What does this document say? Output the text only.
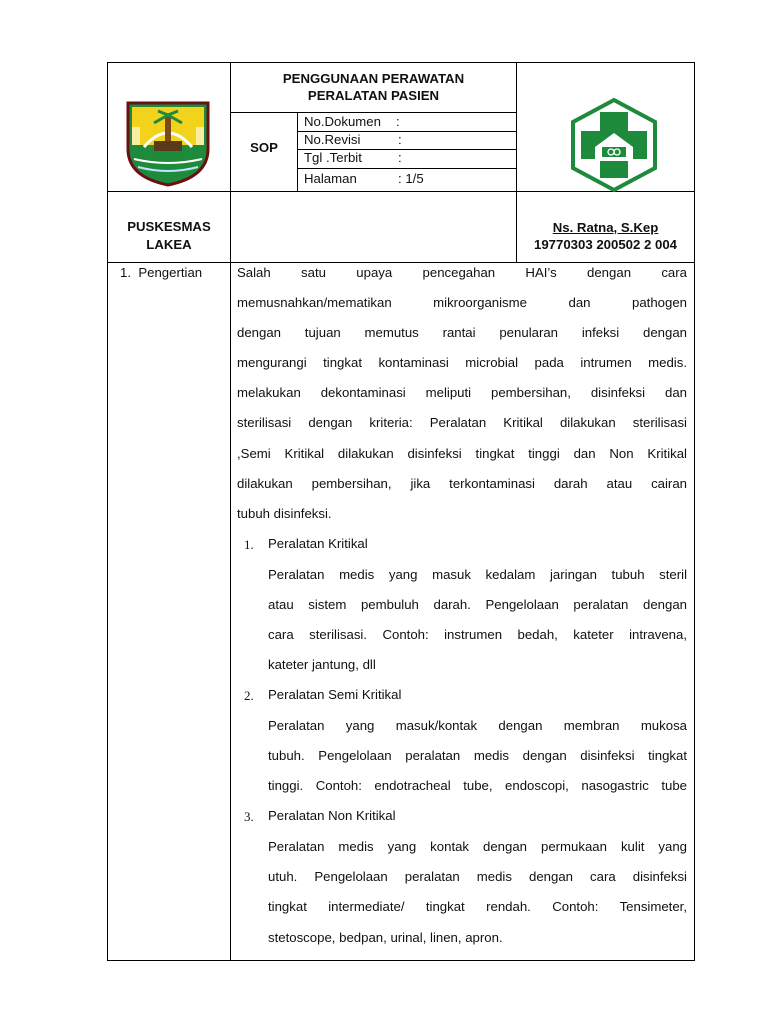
PENGGUNAAN PERAWATAN
PERALATAN PASIEN
SOP
No.Dokumen :
No.Revisi	:
Tgl .Terbit	:
Halaman	: 1/5
PUSKESMAS
LAKEA
Ns. Ratna, S.Kep
19770303 200502 2 004
1.  Pengertian	Salah satu upaya pencegahan HAI’s dengan cara
memusnahkan/mematikan mikroorganisme dan pathogen
dengan tujuan memutus rantai penularan infeksi dengan
mengurangi tingkat kontaminasi microbial pada intrumen medis.
melakukan dekontaminasi meliputi pembersihan, disinfeksi dan
sterilisasi dengan kriteria: Peralatan Kritikal dilakukan sterilisasi
,Semi Kritikal dilakukan disinfeksi tingkat tinggi dan Non Kritikal
dilakukan pembersihan, jika terkontaminasi darah atau cairan
tubuh disinfeksi.
1. Peralatan Kritikal
Peralatan medis yang masuk kedalam jaringan tubuh steril
atau sistem pembuluh darah. Pengelolaan peralatan dengan
cara sterilisasi. Contoh: instrumen bedah, kateter intravena,
kateter jantung, dll
2. Peralatan Semi Kritikal
Peralatan yang masuk/kontak dengan membran mukosa
tubuh. Pengelolaan peralatan medis dengan disinfeksi tingkat
tinggi. Contoh: endotracheal tube, endoscopi, nasogastric tube
3. Peralatan Non Kritikal
Peralatan medis yang kontak dengan permukaan kulit yang
utuh. Pengelolaan peralatan medis dengan cara disinfeksi
tingkat intermediate/ tingkat rendah. Contoh: Tensimeter,
stetoscope, bedpan, urinal, linen, apron.
